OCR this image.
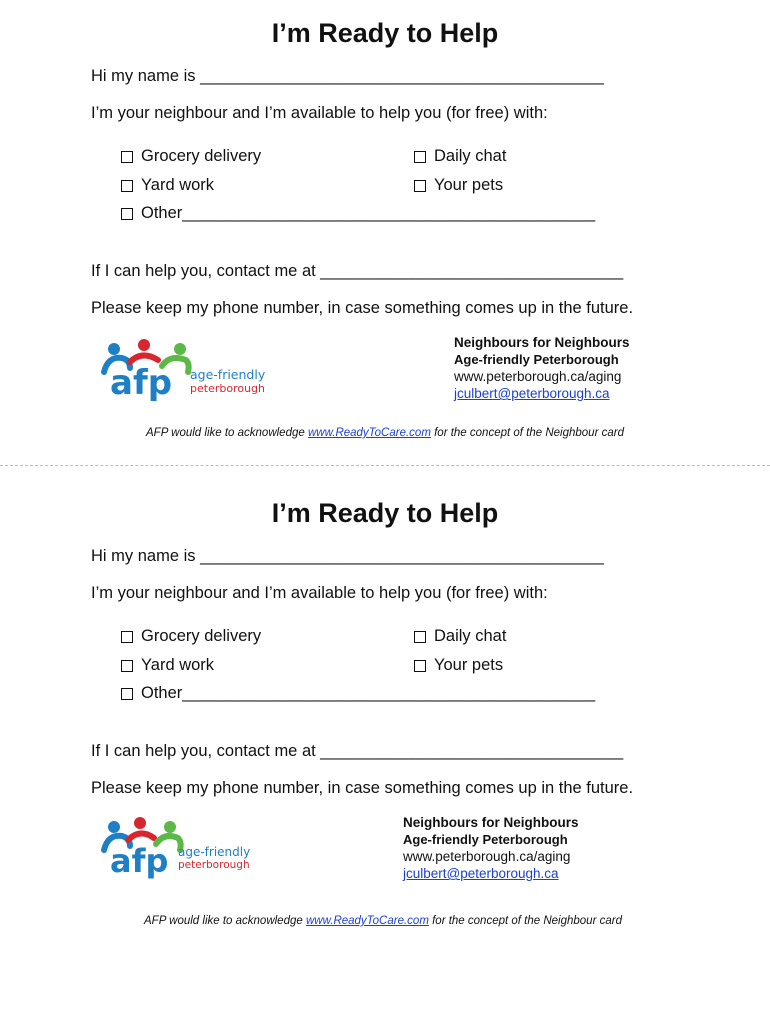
I’m Ready to Help
Hi my name is ____________________________________________
I’m your neighbour and I’m available to help you (for free) with:
Grocery delivery
Yard work
Other_____________________________________________
Daily chat
Your pets
If I can help you, contact me at _________________________________
Please keep my phone number, in case something comes up in the future.
afp age-friendly
peterborough
Neighbours for Neighbours
Age-friendly Peterborough
www.peterborough.ca/aging
jculbert@peterborough.ca
AFP would like to acknowledge www.ReadyToCare.com for the concept of the Neighbour card
I’m Ready to Help
Hi my name is ____________________________________________
I’m your neighbour and I’m available to help you (for free) with:
Grocery delivery
Yard work
Other_____________________________________________
Daily chat
Your pets
If I can help you, contact me at _________________________________
Please keep my phone number, in case something comes up in the future.
afp age-friendly
peterborough
Neighbours for Neighbours
Age-friendly Peterborough
www.peterborough.ca/aging
jculbert@peterborough.ca
AFP would like to acknowledge www.ReadyToCare.com for the concept of the Neighbour card
